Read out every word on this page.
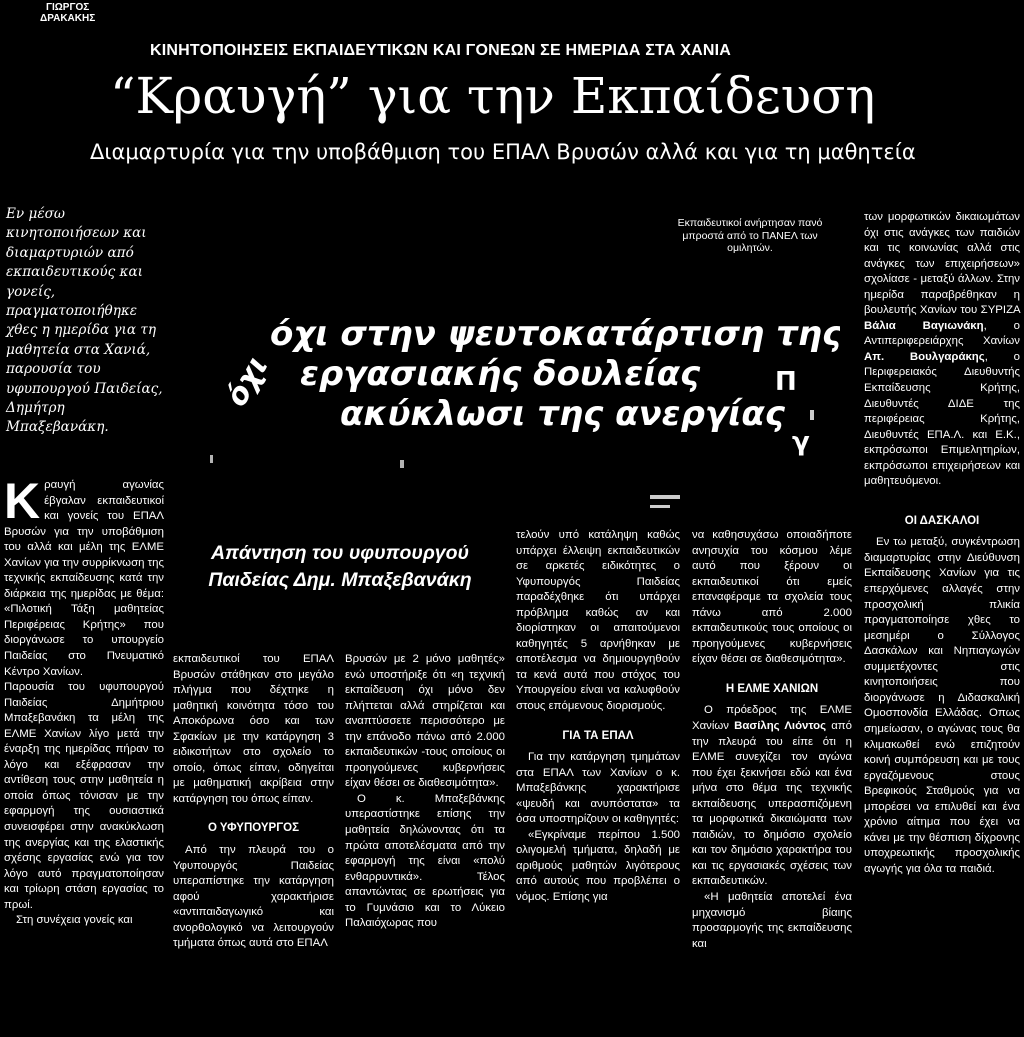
ΓΙΩΡΓΟΣ
ΔΡΑΚΑΚΗΣ
ΚΙΝΗΤΟΠΟΙΗΣΕΙΣ ΕΚΠΑΙΔΕΥΤΙΚΩΝ ΚΑΙ ΓΟΝΕΩΝ ΣΕ ΗΜΕΡΙΔΑ ΣΤΑ ΧΑΝΙΑ
“Κραυγή” για την Εκπαίδευση
Διαμαρτυρία για την υποβάθμιση του ΕΠΑΛ Βρυσών αλλά και για τη μαθητεία
Εν μέσω κινητοποιήσεων και διαμαρτυριών από εκπαιδευτικούς και γονείς, πραγματοποιήθηκε χθες η ημερίδα για τη μαθητεία στα Χανιά, παρουσία του υφυπουργού Παιδείας, Δημήτρη Μπαξεβανάκη.
όχι
όχι στην ψευτοκατάρτιση της
εργασιακής δουλείας
ακύκλωσι της ανεργίας
Π
γ
Εκπαιδευτικοί ανήρτησαν πανό μπροστά από το ΠΑΝΕΛ των ομιλητών.
Απάντηση του υφυπουργού Παιδείας Δημ. Μπαξεβανάκη

Κραυγή αγωνίας έβγαλαν εκπαιδευτικοί και γονείς του ΕΠΑΛ Βρυσών για την υποβάθμιση του αλλά και μέλη της ΕΛΜΕ Χανίων για την συρρίκνωση της τεχνικής εκπαίδευσης κατά την διάρκεια της ημερίδας με θέμα: «Πιλοτική Τάξη μαθητείας Περιφέρειας Κρήτης» που διοργάνωσε το υπουργείο Παιδείας στο Πνευματικό Κέντρο Χανίων.

Παρουσία του υφυπουργού Παιδείας Δημήτριου Μπαξεβανάκη τα μέλη της ΕΛΜΕ Χανίων λίγο μετά την έναρξη της ημερίδας πήραν το λόγο και εξέφρασαν την αντίθεση τους στην μαθητεία η οποία όπως τόνισαν με την εφαρμογή της ουσιαστικά συνεισφέρει στην ανακύκλωση της ανεργίας και της ελαστικής σχέσης εργασίας ενώ για τον λόγο αυτό πραγματοποίησαν και τρίωρη στάση εργασίας το πρωί.

Στη συνέχεια γονείς και

εκπαιδευτικοί του ΕΠΑΛ Βρυσών στάθηκαν στο μεγάλο πλήγμα που δέχτηκε η μαθητική κοινότητα τόσο του Αποκόρωνα όσο και των Σφακίων με την κατάργηση 3 ειδικοτήτων στο σχολείο το οποίο, όπως είπαν, οδηγείται με μαθηματική ακρίβεια στην κατάργηση του όπως είπαν.

Ο ΥΦΥΠΟΥΡΓΟΣ

Από την πλευρά του ο Υφυπουργός Παιδείας υπεραπίστηκε την κατάργηση αφού χαρακτήρισε «αντιπαιδαγωγικό και ανορθολογικό να λειτουργούν τμήματα όπως αυτά στο ΕΠΑΛ

Βρυσών με 2 μόνο μαθητές» ενώ υποστήριξε ότι «η τεχνική εκπαίδευση όχι μόνο δεν πλήττεται αλλά στηρίζεται και αναπτύσσετε περισσότερο με την επάνοδο πάνω από 2.000 εκπαιδευτικών -τους οποίους οι προηγούμενες κυβερνήσεις είχαν θέσει σε διαθεσιμότητα».

Ο κ. Μπαξεβάνκης υπεραστίστηκε επίσης την μαθητεία δηλώνοντας ότι τα πρώτα αποτελέσματα από την εφαρμογή της είναι «πολύ ενθαρρυντικά». Τέλος απαντώντας σε ερωτήσεις για το Γυμνάσιο και το Λύκειο Παλαιόχωρας που

τελούν υπό κατάληψη καθώς υπάρχει έλλειψη εκπαιδευτικών σε αρκετές ειδικότητες ο Υφυπουργός Παιδείας παραδέχθηκε ότι υπάρχει πρόβλημα καθώς αν και διορίστηκαν οι απαιτούμενοι καθηγητές 5 αρνήθηκαν με αποτέλεσμα να δημιουργηθούν τα κενά αυτά που στόχος του Υπουργείου είναι να καλυφθούν στους επόμενους διορισμούς.

ΓΙΑ ΤΑ ΕΠΑΛ

Για την κατάργηση τμημάτων στα ΕΠΑΛ των Χανίων ο κ. Μπαξεβάνκης χαρακτήρισε «ψευδή και ανυπόστατα» τα όσα υποστηρίζουν οι καθηγητές:

«Εγκρίναμε περίπου 1.500 ολιγομελή τμήματα, δηλαδή με αριθμούς μαθητών λιγότερους από αυτούς που προβλέπει ο νόμος. Επίσης για

να καθησυχάσω οποιαδήποτε ανησυχία του κόσμου λέμε αυτό που ξέρουν οι εκπαιδευτικοί ότι εμείς επαναφέραμε τα σχολεία τους πάνω από 2.000 εκπαιδευτικούς τους οποίους οι προηγούμενες κυβερνήσεις είχαν θέσει σε διαθεσιμότητα».

Η ΕΛΜΕ ΧΑΝΙΩΝ

Ο πρόεδρος της ΕΛΜΕ Χανίων Βασίλης Λιόντος από την πλευρά του είπε ότι η ΕΛΜΕ συνεχίζει τον αγώνα που έχει ξεκινήσει εδώ και ένα μήνα στο θέμα της τεχνικής εκπαίδευσης υπερασπιζόμενη τα μορφωτικά δικαιώματα των παιδιών, το δημόσιο σχολείο και τον δημόσιο χαρακτήρα του και τις εργασιακές σχέσεις των εκπαιδευτικών.

«Η μαθητεία αποτελεί ένα μηχανισμό βίαιης προσαρμογής της εκπαίδευσης και

των μορφωτικών δικαιωμάτων όχι στις ανάγκες των παιδιών και τις κοινωνίας αλλά στις ανάγκες των επιχειρήσεων» σχολίασε - μεταξύ άλλων. Στην ημερίδα παραβρέθηκαν η βουλευτής Χανίων του ΣΥΡΙΖΑ Βάλια Βαγιωνάκη, ο Αντιπεριφερειάρχης Χανίων Απ. Βουλγαράκης, ο Περιφερειακός Διευθυντής Εκπαίδευσης Κρήτης, Διευθυντές ΔΙΔΕ της περιφέρειας Κρήτης, Διευθυντές ΕΠΑ.Λ. και Ε.Κ., εκπρόσωποι Επιμελητηρίων, εκπρόσωποι επιχειρήσεων και μαθητευόμενοι.

ΟΙ ΔΑΣΚΑΛΟΙ

Εν τω μεταξύ, συγκέντρωση διαμαρτυρίας στην Διεύθυνση Εκπαίδευσης Χανίων για τις επερχόμενες αλλαγές στην προσχολική πλικία πραγματοποίησε χθες το μεσημέρι ο Σύλλογος Δασκάλων και Νηπιαγωγών συμμετέχοντες στις κινητοποιήσεις που διοργάνωσε η Διδασκαλική Ομοσπονδία Ελλάδας. Οπως σημείωσαν, ο αγώνας τους θα κλιμακωθεί ενώ επιζητούν κοινή συμπόρευση και με τους εργαζόμενους στους Βρεφικούς Σταθμούς για να μπορέσει να επιλυθεί και ένα χρόνιο αίτημα που έχει να κάνει με την θέσπιση δίχρονης υποχρεωτικής προσχολικής αγωγής για όλα τα παιδιά.
